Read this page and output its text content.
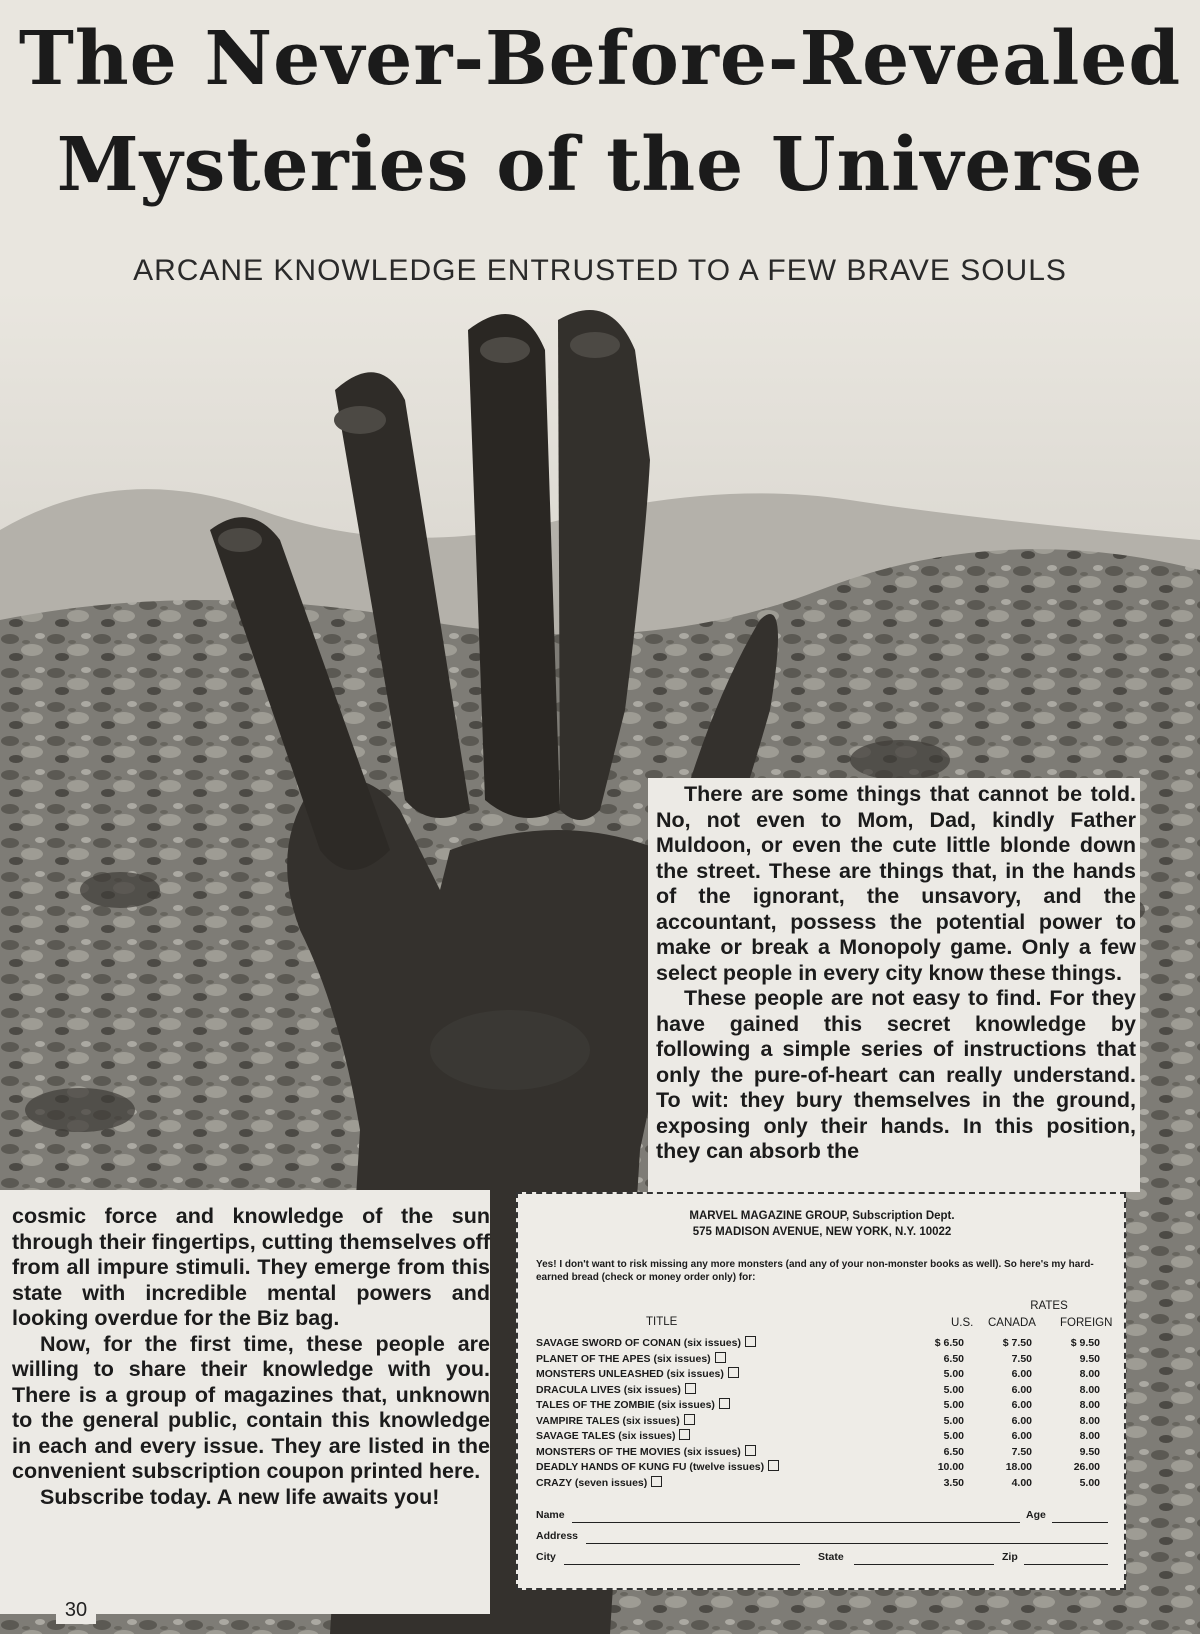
The Never-Before-Revealed
Mysteries of the Universe
ARCANE KNOWLEDGE ENTRUSTED TO A FEW BRAVE SOULS

There are some things that cannot be told. No, not even to Mom, Dad, kindly Father Muldoon, or even the cute little blonde down the street. These are things that, in the hands of the ignorant, the unsavory, and the accountant, possess the potential power to make or break a Monopoly game. Only a few select people in every city know these things.

These people are not easy to find. For they have gained this secret knowledge by following a simple series of instructions that only the pure-of-heart can really understand. To wit: they bury themselves in the ground, exposing only their hands. In this position, they can absorb the

cosmic force and knowledge of the sun through their fingertips, cutting themselves off from all impure stimuli. They emerge from this state with incredible mental powers and looking overdue for the Biz bag.

Now, for the first time, these people are willing to share their knowledge with you. There is a group of magazines that, unknown to the general public, contain this knowledge in each and every issue. They are listed in the convenient subscription coupon printed here.

Subscribe today. A new life awaits you!

MARVEL MAGAZINE GROUP, Subscription Dept.
575 MADISON AVENUE, NEW YORK, N.Y. 10022
Yes! I don't want to risk missing any more monsters (and any of your non-monster books as well). So here's my hard-earned bread (check or money order only) for:
TITLE
RATES
U.S. CANADA FOREIGN
SAVAGE SWORD OF CONAN (six issues)	$ 6.50	$ 7.50	$ 9.50
PLANET OF THE APES (six issues)	6.50	7.50	9.50
MONSTERS UNLEASHED (six issues)	5.00	6.00	8.00
DRACULA LIVES (six issues)	5.00	6.00	8.00
TALES OF THE ZOMBIE (six issues)	5.00	6.00	8.00
VAMPIRE TALES (six issues)	5.00	6.00	8.00
SAVAGE TALES (six issues)	5.00	6.00	8.00
MONSTERS OF THE MOVIES (six issues)	6.50	7.50	9.50
DEADLY HANDS OF KUNG FU (twelve issues)	10.00	18.00	26.00
CRAZY (seven issues)	3.50	4.00	5.00
Name	Age
Address
City	State	Zip
30
